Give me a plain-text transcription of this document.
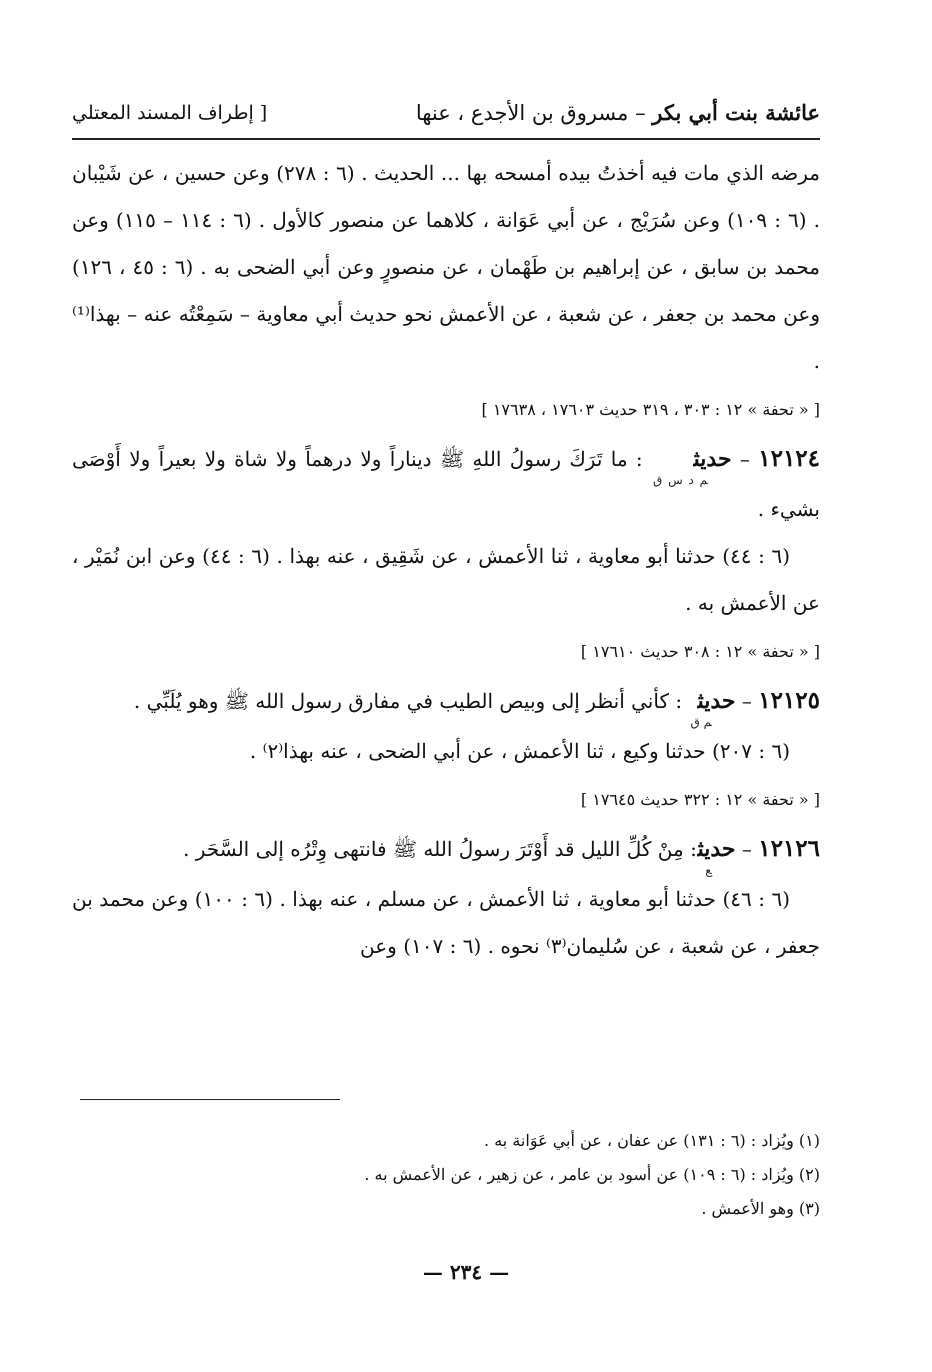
عائشة بنت أبي بكر – مسروق بن الأجدع ، عنها
[ إطراف المسند المعتلي

مرضه الذي مات فيه أخذتُ بيده أمسحه بها ... الحديث . (٦ : ٢٧٨) وعن حسين ، عن شَيْبان . (٦ : ١٠٩) وعن سُرَيْج ، عن أبي عَوَانة ، كلاهما عن منصور كالأول . (٦ : ١١٤ – ١١٥) وعن محمد بن سابق ، عن إبراهيم بن طَهْمان ، عن منصورٍ وعن أبي الضحى به . (٦ : ٤٥ ، ١٢٦) وعن محمد بن جعفر ، عن شعبة ، عن الأعمش نحو حديث أبي معاوية – سَمِعْتُه عنه – بهذا⁽¹⁾ .

[ « تحفة » ١٢ : ٣٠٣ ، ٣١٩ حديث ١٧٦٠٣ ، ١٧٦٣٨ ]

١٢١٢٤ – حديث$_{م د س ق}$ : ما تَرَكَ رسولُ اللهِ ﷺ ديناراً ولا درهماً ولا شاة ولا بعيراً ولا أَوْصَى بشيء .

(٦ : ٤٤) حدثنا أبو معاوية ، ثنا الأعمش ، عن شَقِيق ، عنه بهذا . (٦ : ٤٤) وعن ابن نُمَيْر ، عن الأعمش به .

[ « تحفة » ١٢ : ٣٠٨ حديث ١٧٦١٠ ]

١٢١٢٥ – حديث$_{م ق}$ : كأني أنظر إلى وبيص الطيب في مفارق رسول الله ﷺ وهو يُلَبِّي .

(٦ : ٢٠٧) حدثنا وكيع ، ثنا الأعمش ، عن أبي الضحى ، عنه بهذا⁽٢⁾ .

[ « تحفة » ١٢ : ٣٢٢ حديث ١٧٦٤٥ ]

١٢١٢٦ – حديث$_ع$ : مِنْ كُلِّ الليل قد أَوْتَرَ رسولُ الله ﷺ فانتهى وِتْرُه إلى السَّحَر .

(٦ : ٤٦) حدثنا أبو معاوية ، ثنا الأعمش ، عن مسلم ، عنه بهذا . (٦ : ١٠٠) وعن محمد بن جعفر ، عن شعبة ، عن سُليمان⁽٣⁾ نحوه . (٦ : ١٠٧) وعن

(١) ويُزاد : (٦ : ١٣١) عن عفان ، عن أبي عَوَانة به .
(٢) ويُزاد : (٦ : ١٠٩) عن أسود بن عامر ، عن زهير ، عن الأعمش به .
(٣) وهو الأعمش .
— ٢٣٤ —
